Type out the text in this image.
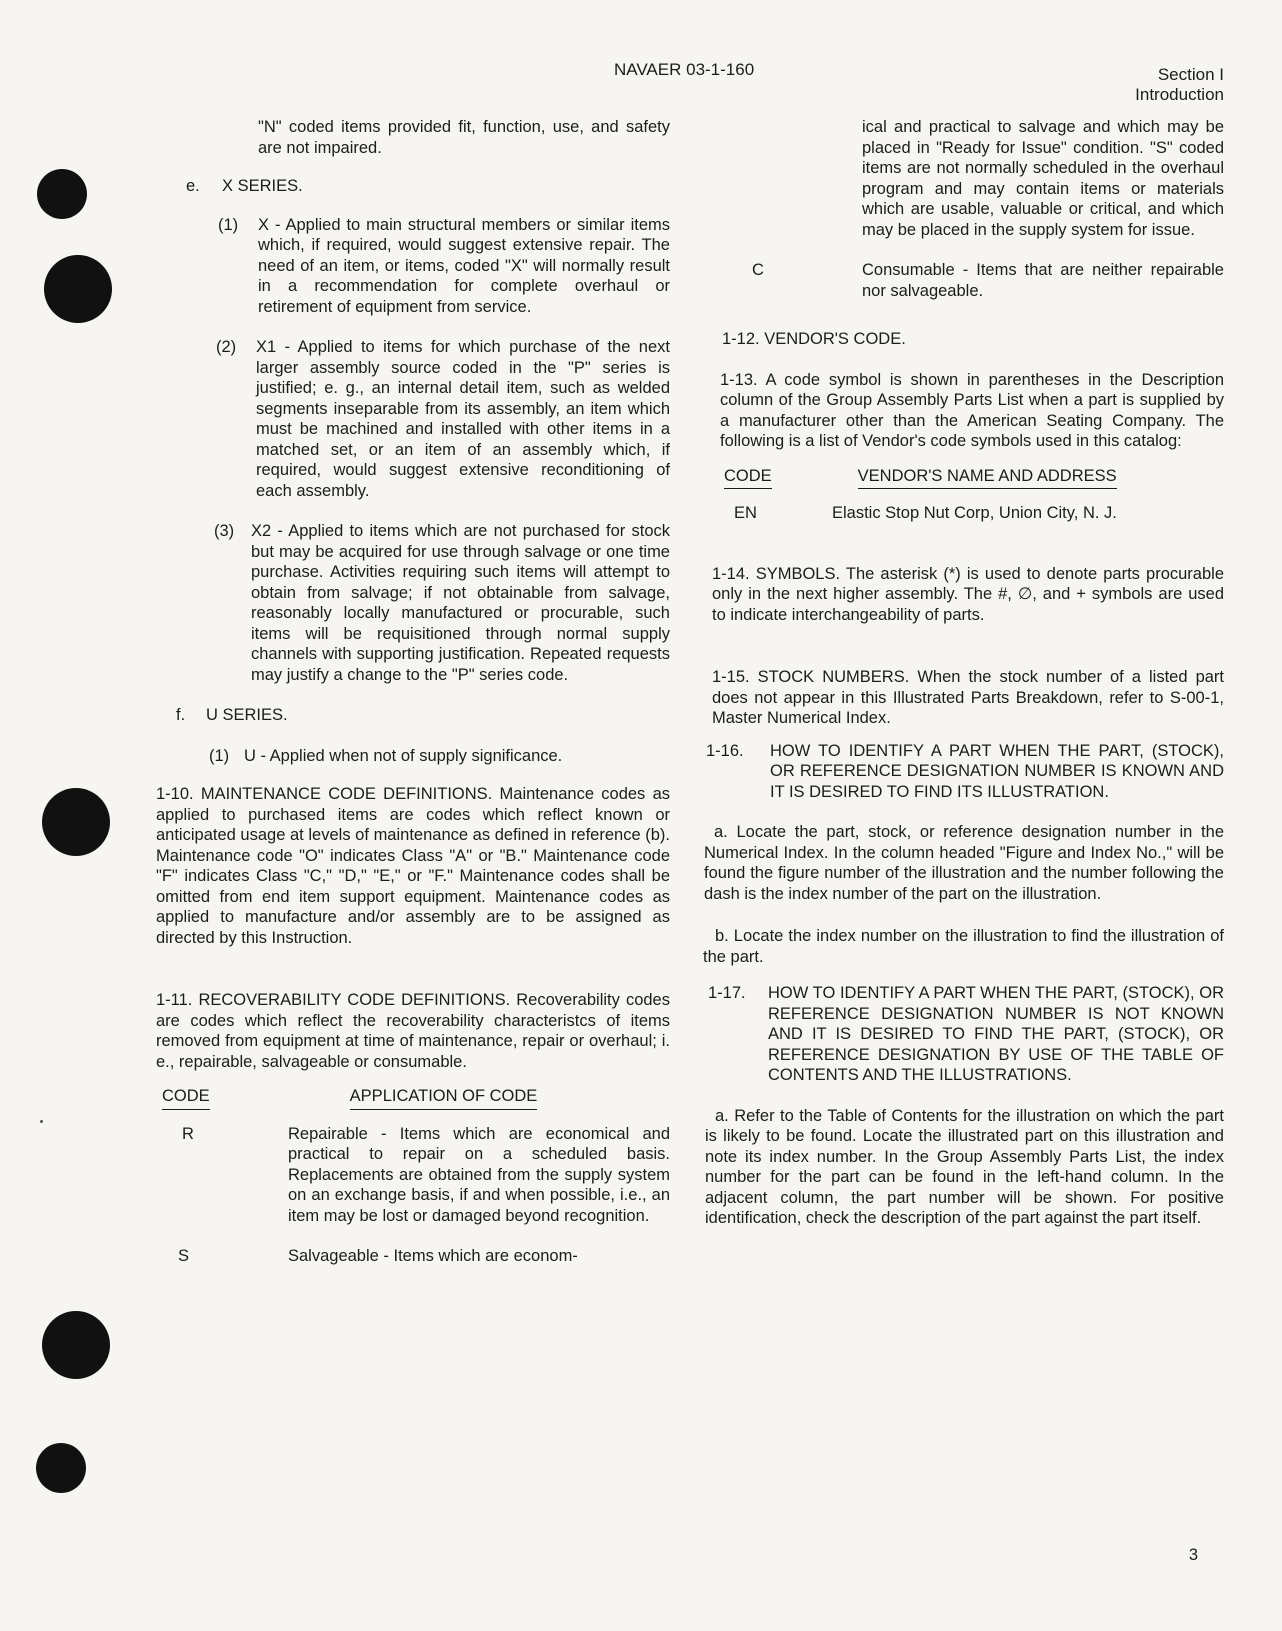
NAVAER 03-1-160	Section I
Introduction

"N" coded items provided fit, function, use, and safety are not impaired.

e.	X SERIES.
(1)	X - Applied to main structural members or similar items which, if required, would suggest extensive repair. The need of an item, or items, coded "X" will normally result in a recommendation for complete overhaul or retirement of equipment from service.
(2)	X1 - Applied to items for which purchase of the next larger assembly source coded in the "P" series is justified; e. g., an internal detail item, such as welded segments inseparable from its assembly, an item which must be machined and installed with other items in a matched set, or an item of an assembly which, if required, would suggest extensive reconditioning of each assembly.
(3)	X2 - Applied to items which are not purchased for stock but may be acquired for use through salvage or one time purchase. Activities requiring such items will attempt to obtain from salvage; if not obtainable from salvage, reasonably locally manufactured or procurable, such items will be requisitioned through normal supply channels with supporting justification. Repeated requests may justify a change to the "P" series code.
f.	U SERIES.
(1) U - Applied when not of supply significance.

1-10. MAINTENANCE CODE DEFINITIONS. Maintenance codes as applied to purchased items are codes which reflect known or anticipated usage at levels of maintenance as defined in reference (b). Maintenance code "O" indicates Class "A" or "B." Maintenance code "F" indicates Class "C," "D," "E," or "F." Maintenance codes shall be omitted from end item support equipment. Maintenance codes as applied to manufacture and/or assembly are to be assigned as directed by this Instruction.

1-11. RECOVERABILITY CODE DEFINITIONS. Recoverability codes are codes which reflect the recoverability characteristcs of items removed from equipment at time of maintenance, repair or overhaul; i. e., repairable, salvageable or consumable.

CODE	APPLICATION OF CODE
R	Repairable - Items which are economical and practical to repair on a scheduled basis. Replacements are obtained from the supply system on an exchange basis, if and when possible, i.e., an item may be lost or damaged beyond recognition.
S	Salvageable - Items which are econom-

ical and practical to salvage and which may be placed in "Ready for Issue" condition. "S" coded items are not normally scheduled in the overhaul program and may contain items or materials which are usable, valuable or critical, and which may be placed in the supply system for issue.

C	Consumable - Items that are neither repairable nor salvageable.

1-12. VENDOR'S CODE.

1-13. A code symbol is shown in parentheses in the Description column of the Group Assembly Parts List when a part is supplied by a manufacturer other than the American Seating Company. The following is a list of Vendor's code symbols used in this catalog:

CODE	VENDOR'S NAME AND ADDRESS
EN	Elastic Stop Nut Corp, Union City, N. J.

1-14. SYMBOLS. The asterisk (*) is used to denote parts procurable only in the next higher assembly. The #, ∅, and + symbols are used to indicate interchangeability of parts.

1-15. STOCK NUMBERS. When the stock number of a listed part does not appear in this Illustrated Parts Breakdown, refer to S-00-1, Master Numerical Index.

1-16.	HOW TO IDENTIFY A PART WHEN THE PART, (STOCK), OR REFERENCE DESIGNATION NUMBER IS KNOWN AND IT IS DESIRED TO FIND ITS ILLUSTRATION.

a. Locate the part, stock, or reference designation number in the Numerical Index. In the column headed "Figure and Index No.," will be found the figure number of the illustration and the number following the dash is the index number of the part on the illustration.

b. Locate the index number on the illustration to find the illustration of the part.

1-17.	HOW TO IDENTIFY A PART WHEN THE PART, (STOCK), OR REFERENCE DESIGNATION NUMBER IS NOT KNOWN AND IT IS DESIRED TO FIND THE PART, (STOCK), OR REFERENCE DESIGNATION BY USE OF THE TABLE OF CONTENTS AND THE ILLUSTRATIONS.

a. Refer to the Table of Contents for the illustration on which the part is likely to be found. Locate the illustrated part on this illustration and note its index number. In the Group Assembly Parts List, the index number for the part can be found in the left-hand column. In the adjacent column, the part number will be shown. For positive identification, check the description of the part against the part itself.

3
